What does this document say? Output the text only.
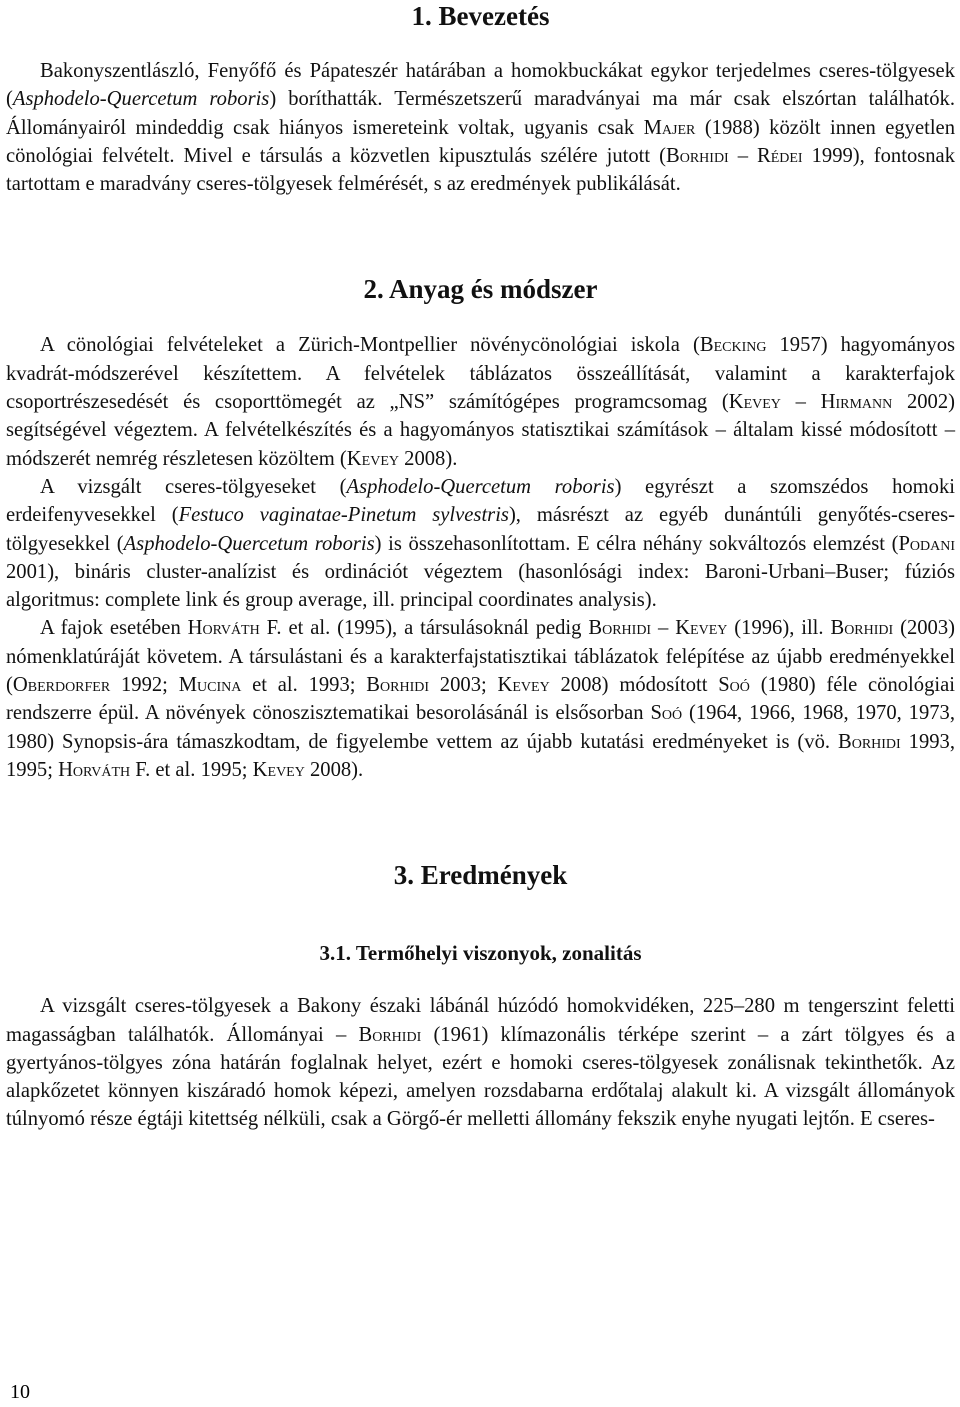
1. Bevezetés

Bakonyszentlászló, Fenyőfő és Pápateszér határában a homokbuckákat egykor terjedelmes cseres-tölgyesek (Asphodelo-Quercetum roboris) boríthatták. Természetszerű maradványai ma már csak elszórtan találhatók. Állományairól mindeddig csak hiányos ismereteink voltak, ugyanis csak Majer (1988) közölt innen egyetlen cönológiai felvételt. Mivel e társulás a közvetlen kipusztulás szélére jutott (Borhidi – Rédei 1999), fontosnak tartottam e maradvány cseres-tölgyesek felmérését, s az eredmények publikálását.

2. Anyag és módszer

A cönológiai felvételeket a Zürich-Montpellier növénycönológiai iskola (Becking 1957) hagyományos kvadrát-módszerével készítettem. A felvételek táblázatos összeállítását, valamint a karakterfajok csoportrészesedését és csoporttömegét az „NS” számítógépes programcsomag (Kevey – Hirmann 2002) segítségével végeztem. A felvételkészítés és a hagyományos statisztikai számítások – általam kissé módosított – módszerét nemrég részletesen közöltem (Kevey 2008).

A vizsgált cseres-tölgyeseket (Asphodelo-Quercetum roboris) egyrészt a szomszédos homoki erdeifenyvesekkel (Festuco vaginatae-Pinetum sylvestris), másrészt az egyéb dunántúli genyőtés-cseres-tölgyesekkel (Asphodelo-Quercetum roboris) is összehasonlítottam. E célra néhány sokváltozós elemzést (Podani 2001), bináris cluster-analízist és ordinációt végeztem (hasonlósági index: Baroni-Urbani–Buser; fúziós algoritmus: complete link és group average, ill. principal coordinates analysis).

A fajok esetében Horváth F. et al. (1995), a társulásoknál pedig Borhidi – Kevey (1996), ill. Borhidi (2003) nómenklatúráját követem. A társulástani és a karakterfajstatisztikai táblázatok felépítése az újabb eredményekkel (Oberdorfer 1992; Mucina et al. 1993; Borhidi 2003; Kevey 2008) módosított Soó (1980) féle cönológiai rendszerre épül. A növények cönoszisztematikai besorolásánál is elsősorban Soó (1964, 1966, 1968, 1970, 1973, 1980) Synopsis-ára támaszkodtam, de figyelembe vettem az újabb kutatási eredményeket is (vö. Borhidi 1993, 1995; Horváth F. et al. 1995; Kevey 2008).

3. Eredmények
3.1. Termőhelyi viszonyok, zonalitás

A vizsgált cseres-tölgyesek a Bakony északi lábánál húzódó homokvidéken, 225–280 m tengerszint feletti magasságban találhatók. Állományai – Borhidi (1961) klímazonális térképe szerint – a zárt tölgyes és a gyertyános-tölgyes zóna határán foglalnak helyet, ezért e homoki cseres-tölgyesek zonálisnak tekinthetők. Az alapkőzetet könnyen kiszáradó homok képezi, amelyen rozsdabarna erdőtalaj alakult ki. A vizsgált állományok túlnyomó része égtáji kitettség nélküli, csak a Görgő-ér melletti állomány fekszik enyhe nyugati lejtőn. E cseres-

10
